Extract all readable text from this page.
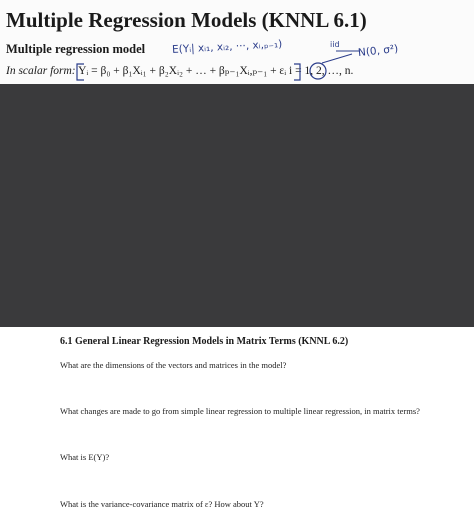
Multiple Regression Models (KNNL 6.1)
Multiple regression model
In scalar form: Yᵢ = β₀ + β₁Xᵢ₁ + β₂Xᵢ₂ + … + βₚ₋₁Xᵢ,ₚ₋₁ + εᵢ i = 1, 2, …, n.
E(Yᵢ| xᵢ₁, xᵢ₂, ···, xᵢ,ₚ₋₁)	iid N(0, σ²)
6.1 General Linear Regression Models in Matrix Terms (KNNL 6.2)
What are the dimensions of the vectors and matrices in the model?
What changes are made to go from simple linear regression to multiple linear regression, in matrix terms?
What is E(Y)?
What is the variance-covariance matrix of ε? How about Y?
